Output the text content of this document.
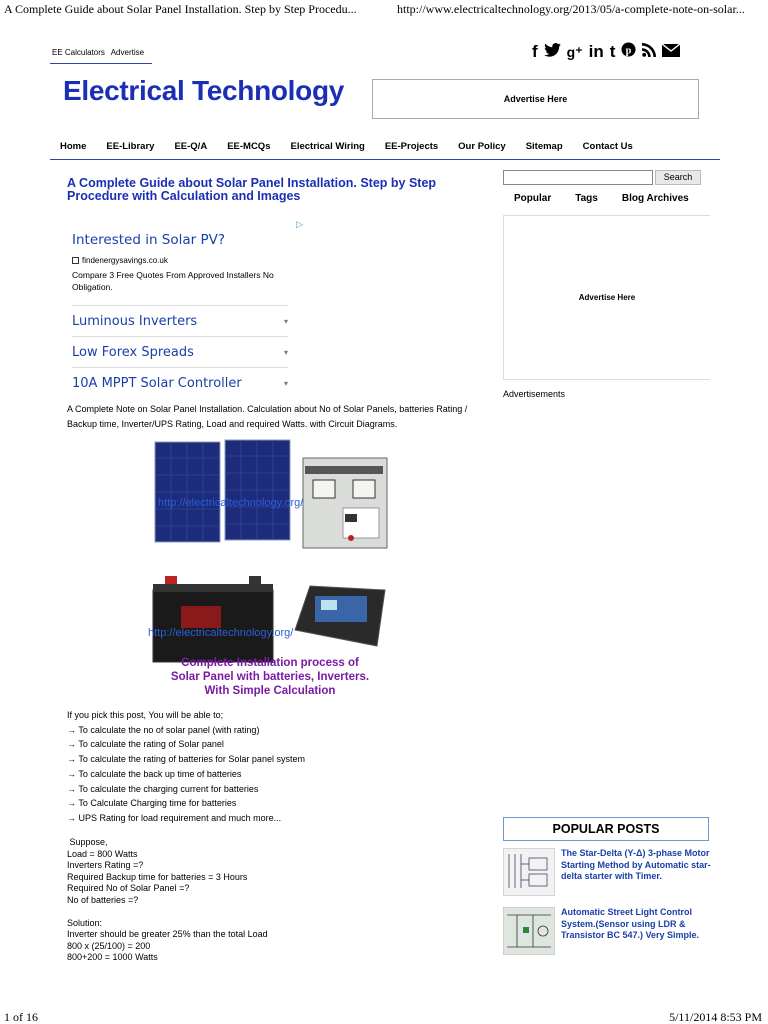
A Complete Guide about Solar Panel Installation. Step by Step Procedu...	http://www.electricaltechnology.org/2013/05/a-complete-note-on-solar...
EE Calculators Advertise	f g⁺ in t p
Electrical Technology	Advertise Here
Home	EE-Library	EE-Q/A	EE-MCQs	Electrical Wiring	EE-Projects	Our Policy	Sitemap	Contact Us
A Complete Guide about Solar Panel Installation. Step by Step Procedure with Calculation and Images
▷
Interested in Solar PV?
findenergysavings.co.uk
Compare 3 Free Quotes From Approved Installers No Obligation.
Luminous Inverters	▾
Low Forex Spreads	▾
10A MPPT Solar Controller	▾
A Complete Note on Solar Panel Installation. Calculation about No of Solar Panels, batteries Rating / Backup time, Inverter/UPS Rating, Load and required Watts. with Circuit Diagrams.
http://electricaltechnology.org/
http://electricaltechnology.org/
Complete Installation process of
Solar Panel with batteries, Inverters.
With Simple Calculation
If you pick this post, You will be able to;
→ To calculate the no of solar panel (with rating)
→ To calculate the rating of Solar panel
→ To calculate the rating of batteries for Solar panel system
→ To calculate the back up time of batteries
→ To calculate the charging current for batteries
→ To Calculate Charging time for batteries
→ UPS Rating for load requirement and much more...
Suppose,
Load = 800 Watts
Inverters Rating =?
Required Backup time for batteries = 3 Hours
Required No of Solar Panel =?
No of batteries =?
Solution:
Inverter should be greater 25% than the total Load
800 x (25/100) = 200
800+200 = 1000 Watts
Search
Popular Tags Blog Archives
Advertise Here
Advertisements
POPULAR POSTS
The Star-Delta (Y-Δ) 3-phase Motor Starting Method by Automatic star-delta starter with Timer.
Automatic Street Light Control System.(Sensor using LDR & Transistor BC 547.) Very Simple.
1 of 16	5/11/2014 8:53 PM
